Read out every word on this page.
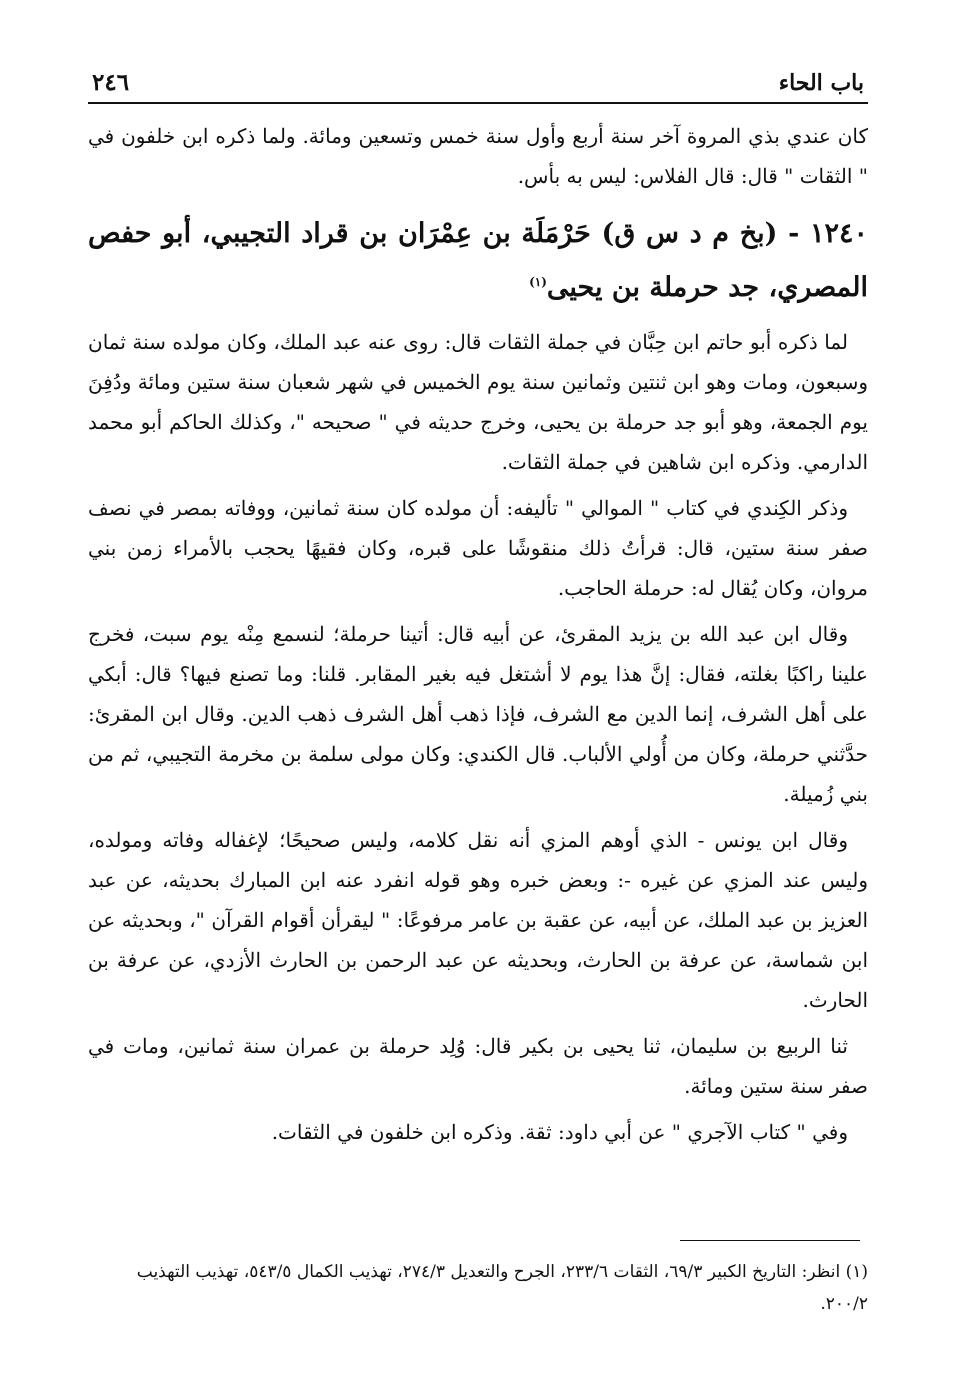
باب الحاء
٢٤٦

كان عندي بذي المروة آخر سنة أربع وأول سنة خمس وتسعين ومائة. ولما ذكره ابن خلفون في " الثقات " قال: قال الفلاس: ليس به بأس.

١٢٤٠ - (بخ م د س ق) حَرْمَلَة بن عِمْرَان بن قراد التجيبي، أبو حفص المصري، جد حرملة بن يحيى$^{(١)}$

لما ذكره أبو حاتم ابن حِبَّان في جملة الثقات قال: روى عنه عبد الملك، وكان مولده سنة ثمان وسبعون، ومات وهو ابن ثنتين وثمانين سنة يوم الخميس في شهر شعبان سنة ستين ومائة ودُفِنَ يوم الجمعة، وهو أبو جد حرملة بن يحيى، وخرج حديثه في " صحيحه "، وكذلك الحاكم أبو محمد الدارمي. وذكره ابن شاهين في جملة الثقات.

وذكر الكِندي في كتاب " الموالي " تأليفه: أن مولده كان سنة ثمانين، ووفاته بمصر في نصف صفر سنة ستين، قال: قرأتُ ذلك منقوشًا على قبره، وكان فقيهًا يحجب بالأمراء زمن بني مروان، وكان يُقال له: حرملة الحاجب.

وقال ابن عبد الله بن يزيد المقرئ، عن أبيه قال: أتينا حرملة؛ لنسمع مِنْه يوم سبت، فخرج علينا راكبًا بغلته، فقال: إنَّ هذا يوم لا أشتغل فيه بغير المقابر. قلنا: وما تصنع فيها؟ قال: أبكي على أهل الشرف، إنما الدين مع الشرف، فإذا ذهب أهل الشرف ذهب الدين. وقال ابن المقرئ: حدَّثني حرملة، وكان من أُولي الألباب. قال الكندي: وكان مولى سلمة بن مخرمة التجيبي، ثم من بني زُميلة.

وقال ابن يونس - الذي أوهم المزي أنه نقل كلامه، وليس صحيحًا؛ لإغفاله وفاته ومولده، وليس عند المزي عن غيره -: وبعض خبره وهو قوله انفرد عنه ابن المبارك بحديثه، عن عبد العزيز بن عبد الملك، عن أبيه، عن عقبة بن عامر مرفوعًا: " ليقرأن أقوام القرآن "، وبحديثه عن ابن شماسة، عن عرفة بن الحارث، وبحديثه عن عبد الرحمن بن الحارث الأزدي، عن عرفة بن الحارث.

ثنا الربيع بن سليمان، ثنا يحيى بن بكير قال: وُلِد حرملة بن عمران سنة ثمانين، ومات في صفر سنة ستين ومائة.

وفي " كتاب الآجري " عن أبي داود: ثقة. وذكره ابن خلفون في الثقات.

(١) انظر: التاريخ الكبير ٦٩/٣، الثقات ٢٣٣/٦، الجرح والتعديل ٢٧٤/٣، تهذيب الكمال ٥٤٣/٥، تهذيب التهذيب ٢٠٠/٢.
